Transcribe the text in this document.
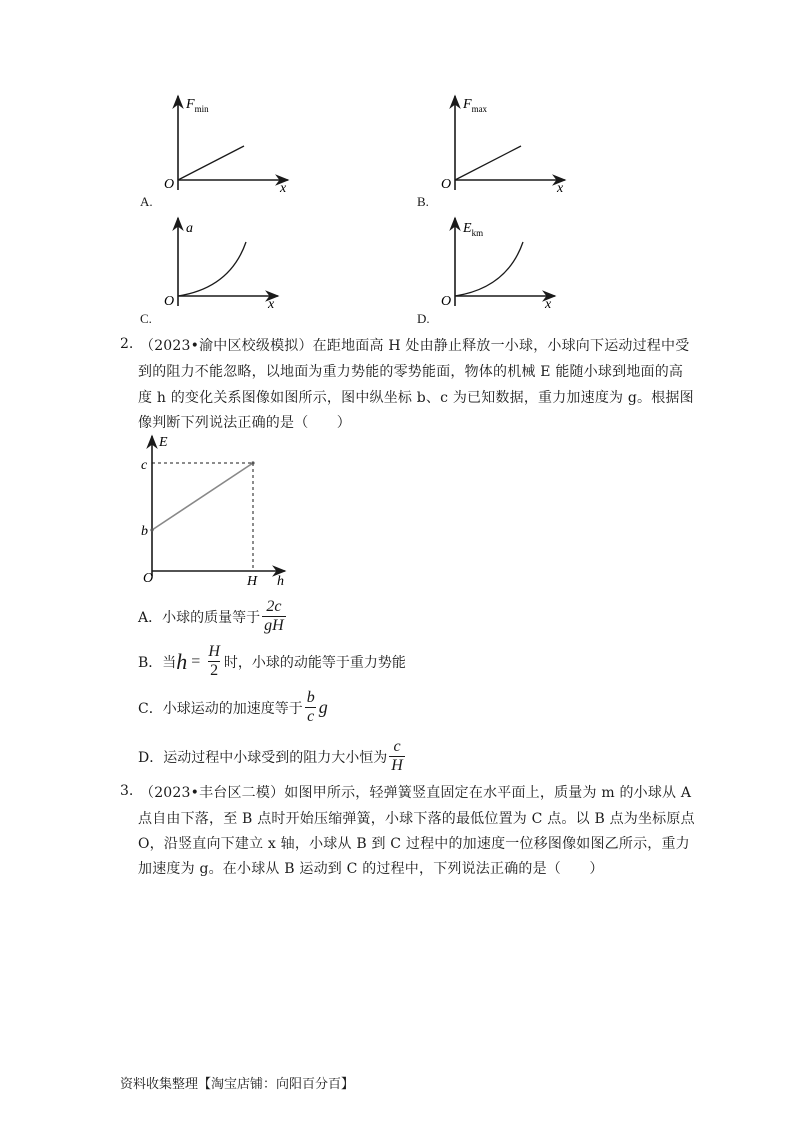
$F_{min}$
O	x
A.
$F_{max}$
O	x
B.
a
O	x
C.
$E_{km}$
O	x
D.
2. （2023•渝中区校级模拟）在距地面高 H 处由静止释放一小球，小球向下运动过程中受
到的阻力不能忽略，以地面为重力势能的零势能面，物体的机械 E 能随小球到地面的高
度 h 的变化关系图像如图所示，图中纵坐标 b、c 为已知数据，重力加速度为 g。根据图
像判断下列说法正确的是（　　）
E
c
b
O	H h
A．小球的质量等于 $\frac{2c}{gH}$
B．当 $h = \frac{H}{2}$ 时，小球的动能等于重力势能
C．小球运动的加速度等于 $\frac{b}{c}$ g
D．运动过程中小球受到的阻力大小恒为 $\frac{c}{H}$
3. （2023•丰台区二模）如图甲所示，轻弹簧竖直固定在水平面上，质量为 m 的小球从 A
点自由下落，至 B 点时开始压缩弹簧，小球下落的最低位置为 C 点。以 B 点为坐标原点
O，沿竖直向下建立 x 轴，小球从 B 到 C 过程中的加速度一位移图像如图乙所示，重力
加速度为 g。在小球从 B 运动到 C 的过程中，下列说法正确的是（　　）
资料收集整理【淘宝店铺：向阳百分百】
